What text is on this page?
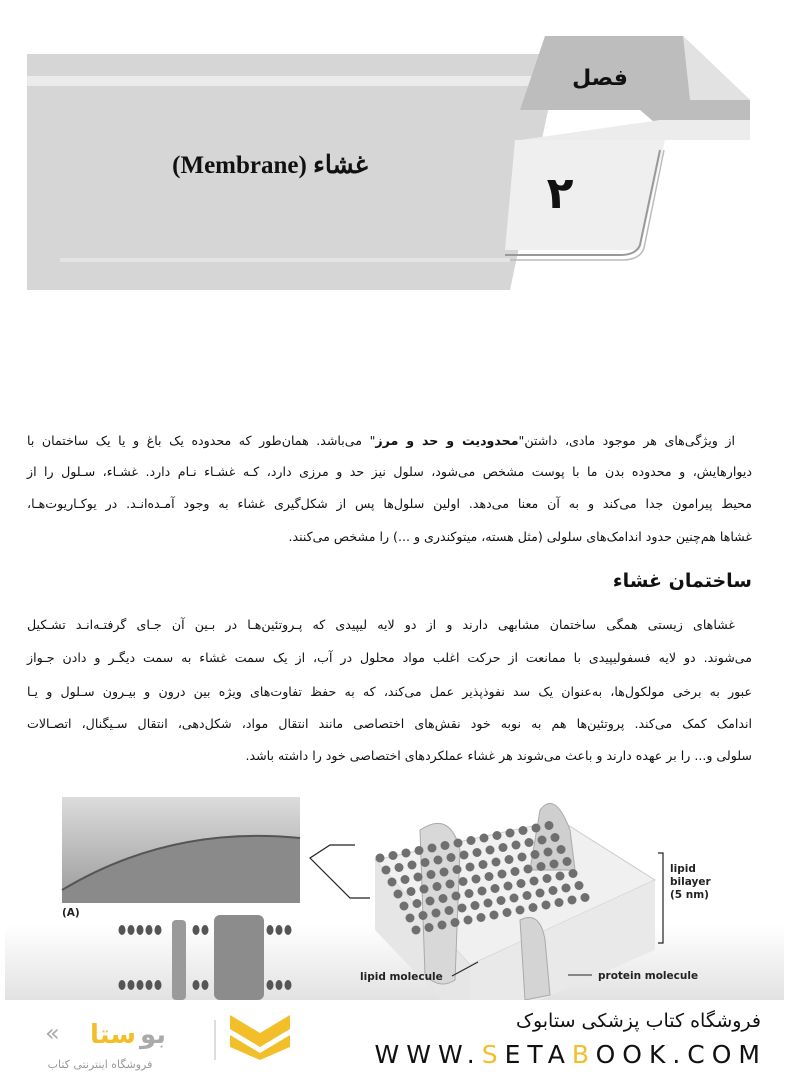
فصل
۲
غشاء (Membrane)
از ویژگی‌های هر موجود مادی، داشتن"محدودیت و حد و مرز" می‌باشد. همان‌طور که محدوده یک باغ و یا یک ساختمان با
دیوارهایش، و محدوده بدن ما با پوست مشخص می‌شود، سلول نیز حد و مرزی دارد، کـه غشـاء نـام دارد. غشـاء، سـلول را از
محیط پیرامون جدا می‌کند و به آن معنا می‌دهد. اولین سلول‌ها پس از شکل‌گیری غشاء به وجود آمـده‌انـد. در یوکـاریوت‌هـا،
غشاها هم‌چنین حدود اندامک‌های سلولی (مثل هسته، میتوکندری و ...) را مشخص می‌کنند.
ساختمان غشاء
غشاهای زیستی همگی ساختمان مشابهی دارند و از دو لایه لیپیدی که پـروتئین‌هـا در بـین آن جـای گرفتـه‌انـد تشـکیل
می‌شوند. دو لایه فسفولیپیدی با ممانعت از حرکت اغلب مواد محلول در آب، از یک سمت غشاء به سمت دیگـر و دادن جـواز
عبور به برخی مولکول‌ها، به‌عنوان یک سد نفوذپذیر عمل می‌کند، که به حفظ تفاوت‌های ویژه بین درون و بیـرون سـلول و یـا
اندامک کمک می‌کند. پروتئین‌ها هم به نوبه خود نقش‌های اختصاصی مانند انتقال مواد، شکل‌دهی، انتقال سـیگنال، اتصـالات
سلولی و... را بر عهده دارند و باعث می‌شوند هر غشاء عملکردهای اختصاصی خود را داشته باشد.
(A)
lipid
bilayer
(5 nm)
lipid molecule	protein molecule
ستا بو
«
فروشگاه اینترنتی کتاب
فروشگاه کتاب پزشکی ستابوک
WWW.SETABOOK.COM
